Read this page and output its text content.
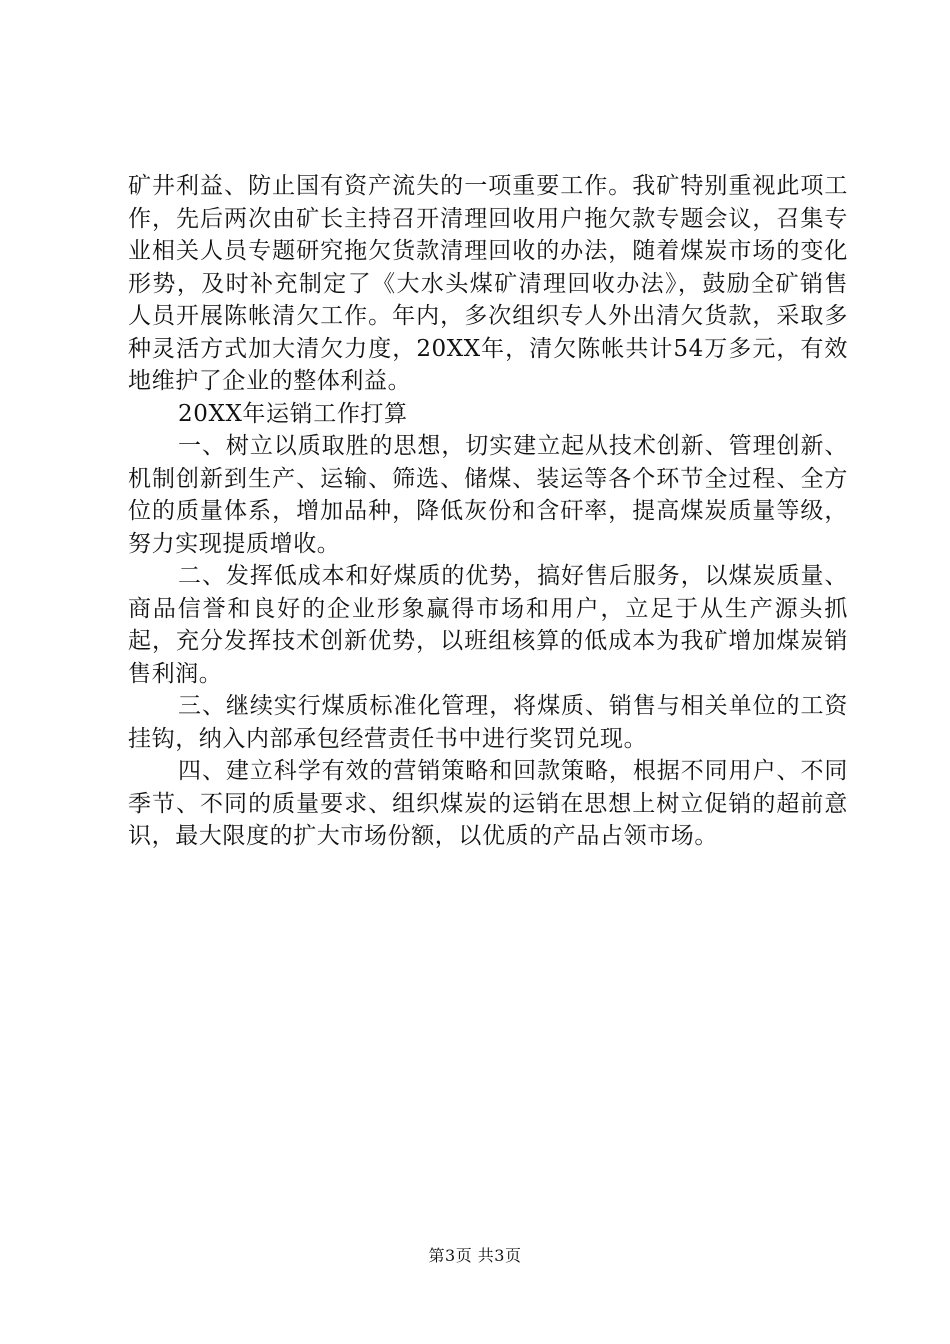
矿井利益、防止国有资产流失的一项重要工作。我矿特别重视此项工作，先后两次由矿长主持召开清理回收用户拖欠款专题会议，召集专业相关人员专题研究拖欠货款清理回收的办法，随着煤炭市场的变化形势，及时补充制定了《大水头煤矿清理回收办法》，鼓励全矿销售人员开展陈帐清欠工作。年内，多次组织专人外出清欠货款，采取多种灵活方式加大清欠力度，20XX年，清欠陈帐共计54万多元，有效地维护了企业的整体利益。

20XX年运销工作打算

一、树立以质取胜的思想，切实建立起从技术创新、管理创新、机制创新到生产、运输、筛选、储煤、装运等各个环节全过程、全方位的质量体系，增加品种，降低灰份和含矸率，提高煤炭质量等级，努力实现提质增收。

二、发挥低成本和好煤质的优势，搞好售后服务，以煤炭质量、商品信誉和良好的企业形象赢得市场和用户，立足于从生产源头抓起，充分发挥技术创新优势，以班组核算的低成本为我矿增加煤炭销售利润。

三、继续实行煤质标准化管理，将煤质、销售与相关单位的工资挂钩，纳入内部承包经营责任书中进行奖罚兑现。

四、建立科学有效的营销策略和回款策略，根据不同用户、不同季节、不同的质量要求、组织煤炭的运销在思想上树立促销的超前意识，最大限度的扩大市场份额，以优质的产品占领市场。

第3页 共3页
